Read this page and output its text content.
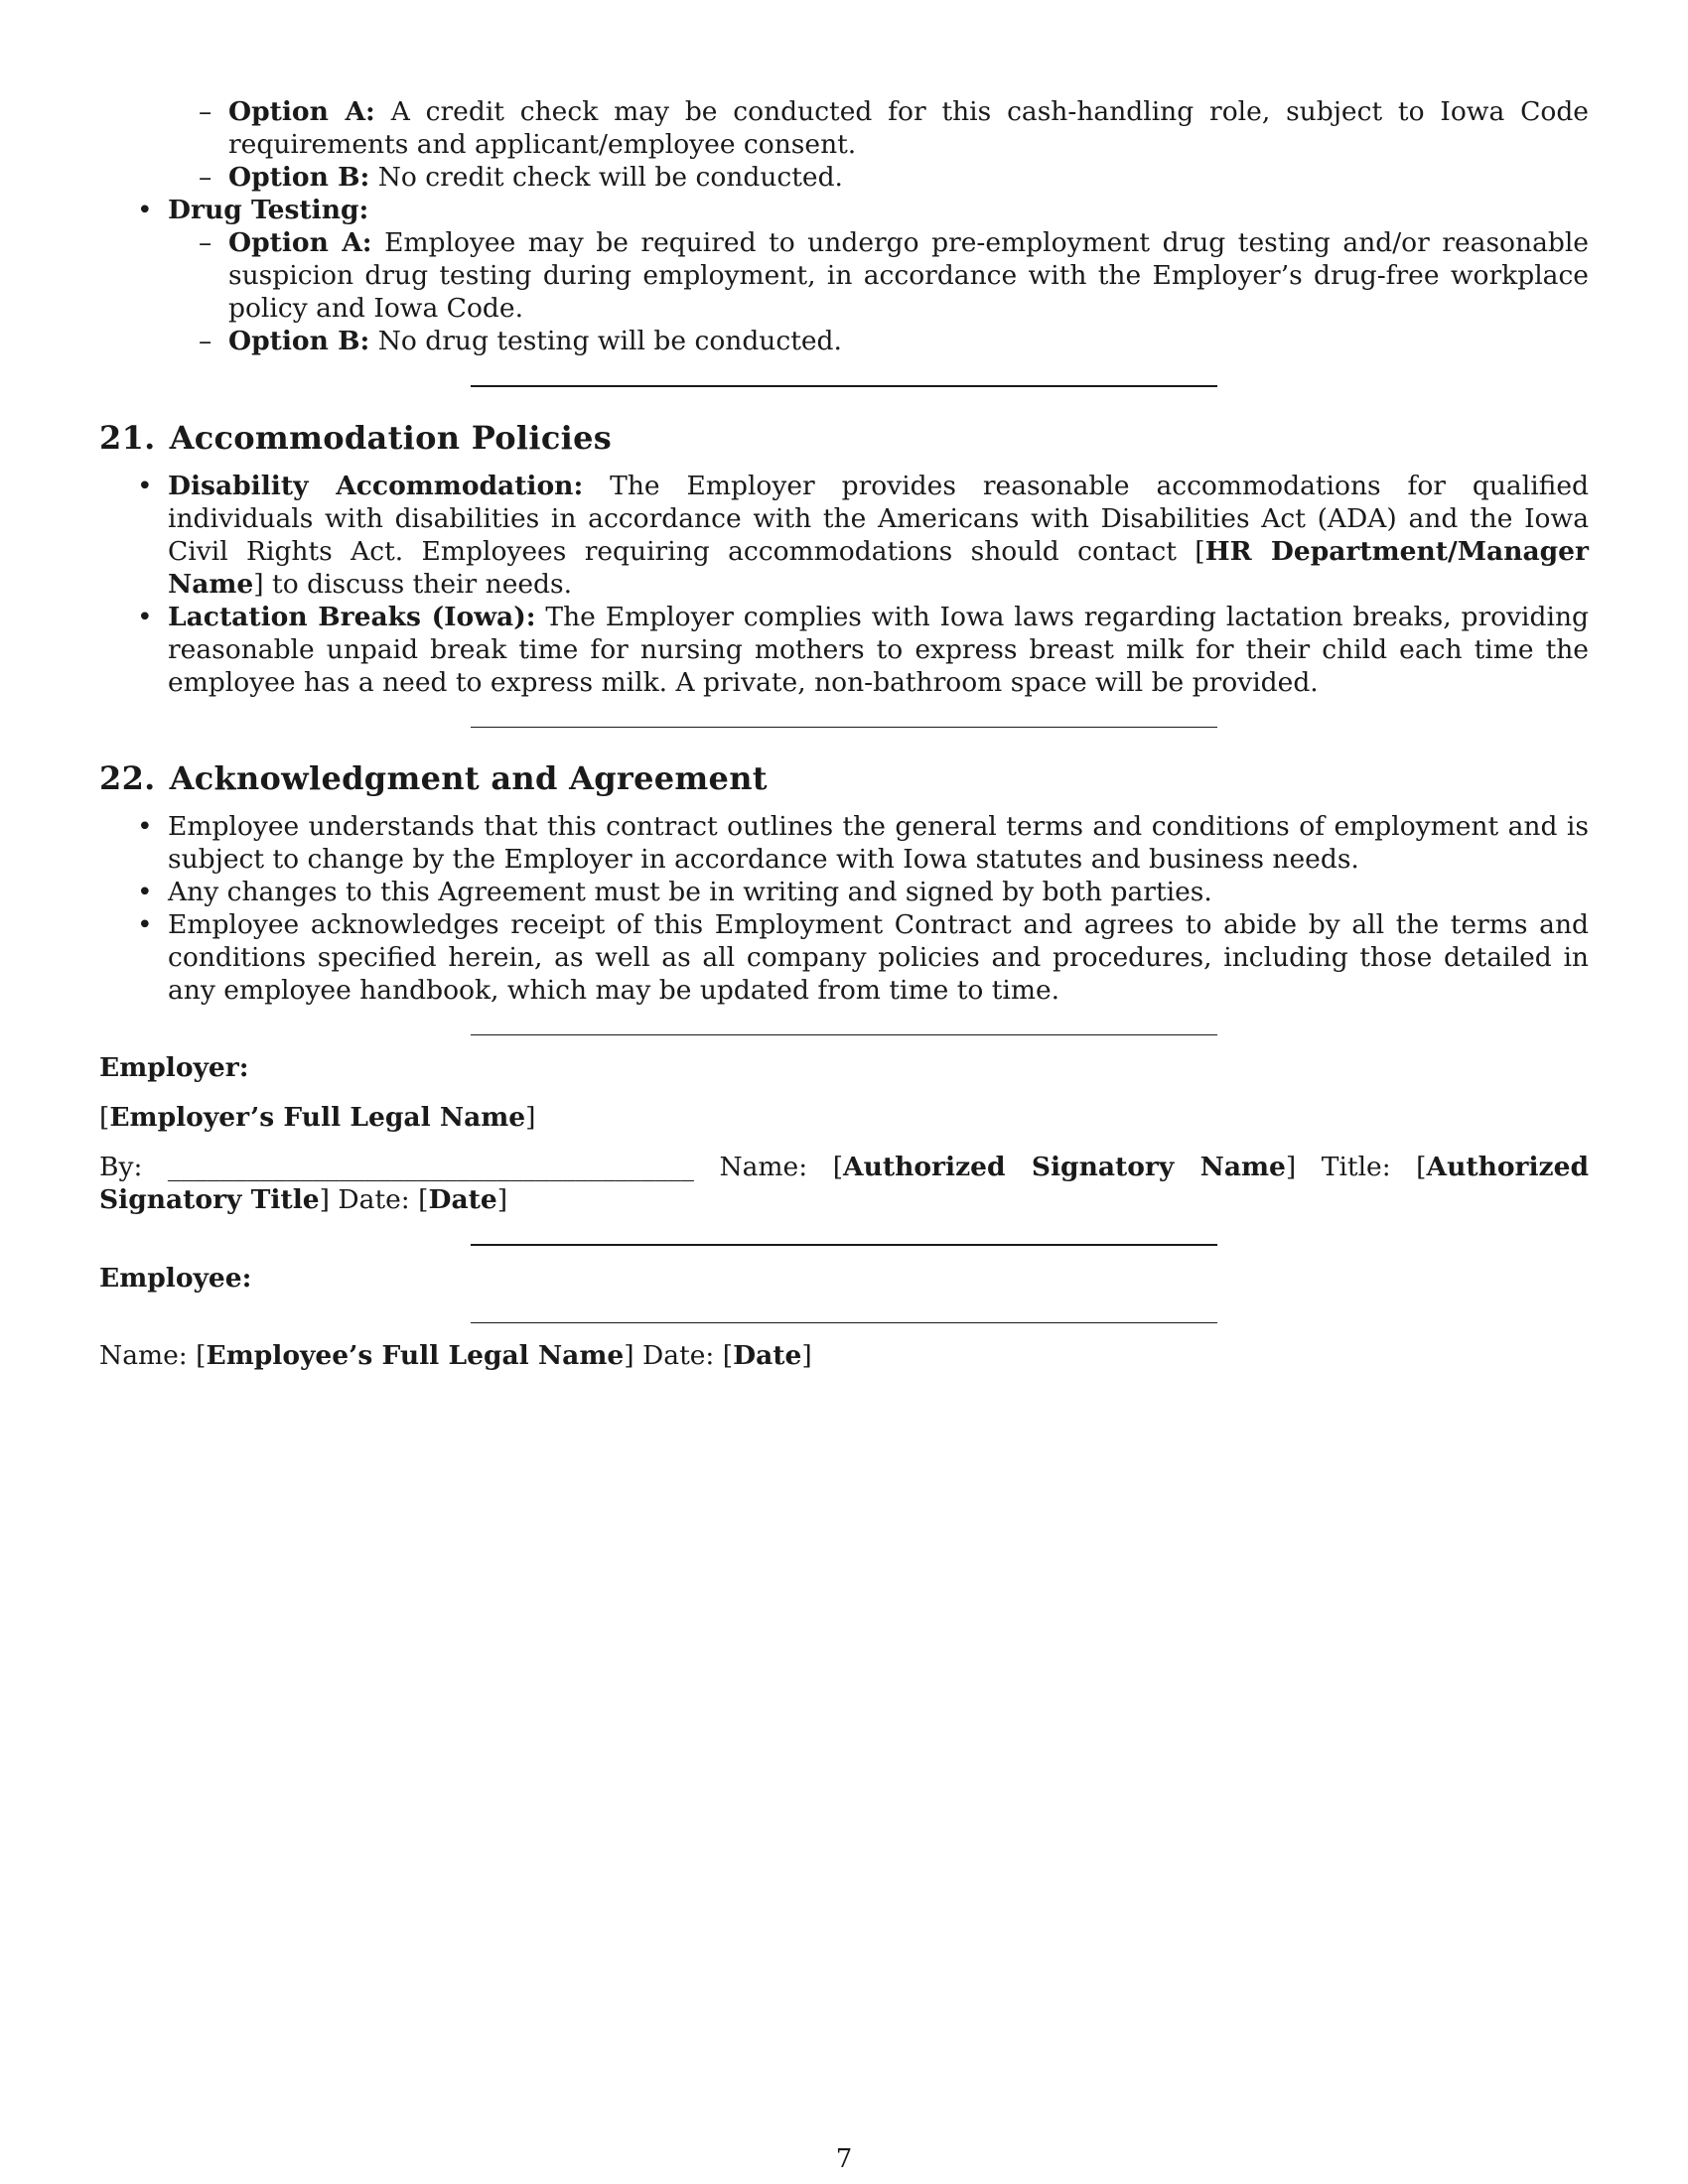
– Option A: A credit check may be conducted for this cash-handling role, subject to Iowa Code requirements and applicant/employee consent.
– Option B: No credit check will be conducted.
• Drug Testing:
– Option A: Employee may be required to undergo pre-employment drug testing and/or reasonable suspicion drug testing during employment, in accordance with the Employer’s drug-free workplace policy and Iowa Code.
– Option B: No drug testing will be conducted.
21. Accommodation Policies
• Disability Accommodation: The Employer provides reasonable accommodations for qualified individuals with disabilities in accordance with the Americans with Disabilities Act (ADA) and the Iowa Civil Rights Act. Employees requiring accommodations should contact [HR Department/Manager Name] to discuss their needs.
• Lactation Breaks (Iowa): The Employer complies with Iowa laws regarding lactation breaks, providing reasonable unpaid break time for nursing mothers to express breast milk for their child each time the employee has a need to express milk. A private, non-bathroom space will be provided.
22. Acknowledgment and Agreement
• Employee understands that this contract outlines the general terms and conditions of employment and is subject to change by the Employer in accordance with Iowa statutes and business needs.
• Any changes to this Agreement must be in writing and signed by both parties.
• Employee acknowledges receipt of this Employment Contract and agrees to abide by all the terms and conditions specified herein, as well as all company policies and procedures, including those detailed in any employee handbook, which may be updated from time to time.

Employer:

[Employer’s Full Legal Name]

By: ________________________________________ Name: [Authorized Signatory Name] Title: [Authorized Signatory Title] Date: [Date]

Employee:

Name: [Employee’s Full Legal Name] Date: [Date]

7
